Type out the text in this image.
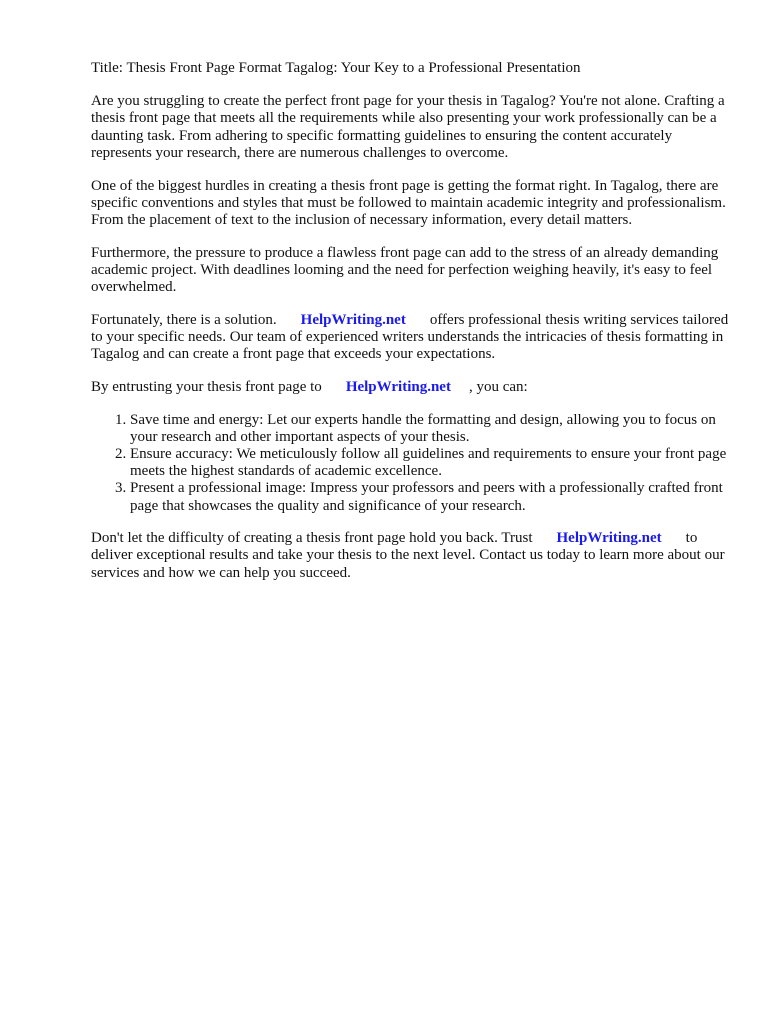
Title: Thesis Front Page Format Tagalog: Your Key to a Professional Presentation

Are you struggling to create the perfect front page for your thesis in Tagalog? You're not alone. Crafting a thesis front page that meets all the requirements while also presenting your work professionally can be a daunting task. From adhering to specific formatting guidelines to ensuring the content accurately represents your research, there are numerous challenges to overcome.

One of the biggest hurdles in creating a thesis front page is getting the format right. In Tagalog, there are specific conventions and styles that must be followed to maintain academic integrity and professionalism. From the placement of text to the inclusion of necessary information, every detail matters.

Furthermore, the pressure to produce a flawless front page can add to the stress of an already demanding academic project. With deadlines looming and the need for perfection weighing heavily, it's easy to feel overwhelmed.

Fortunately, there is a solution. HelpWriting.net offers professional thesis writing services tailored to your specific needs. Our team of experienced writers understands the intricacies of thesis formatting in Tagalog and can create a front page that exceeds your expectations.

By entrusting your thesis front page to HelpWriting.net , you can:

1. Save time and energy: Let our experts handle the formatting and design, allowing you to focus on your research and other important aspects of your thesis.
2. Ensure accuracy: We meticulously follow all guidelines and requirements to ensure your front page meets the highest standards of academic excellence.
3. Present a professional image: Impress your professors and peers with a professionally crafted front page that showcases the quality and significance of your research.

Don't let the difficulty of creating a thesis front page hold you back. Trust HelpWriting.net to deliver exceptional results and take your thesis to the next level. Contact us today to learn more about our services and how we can help you succeed.
